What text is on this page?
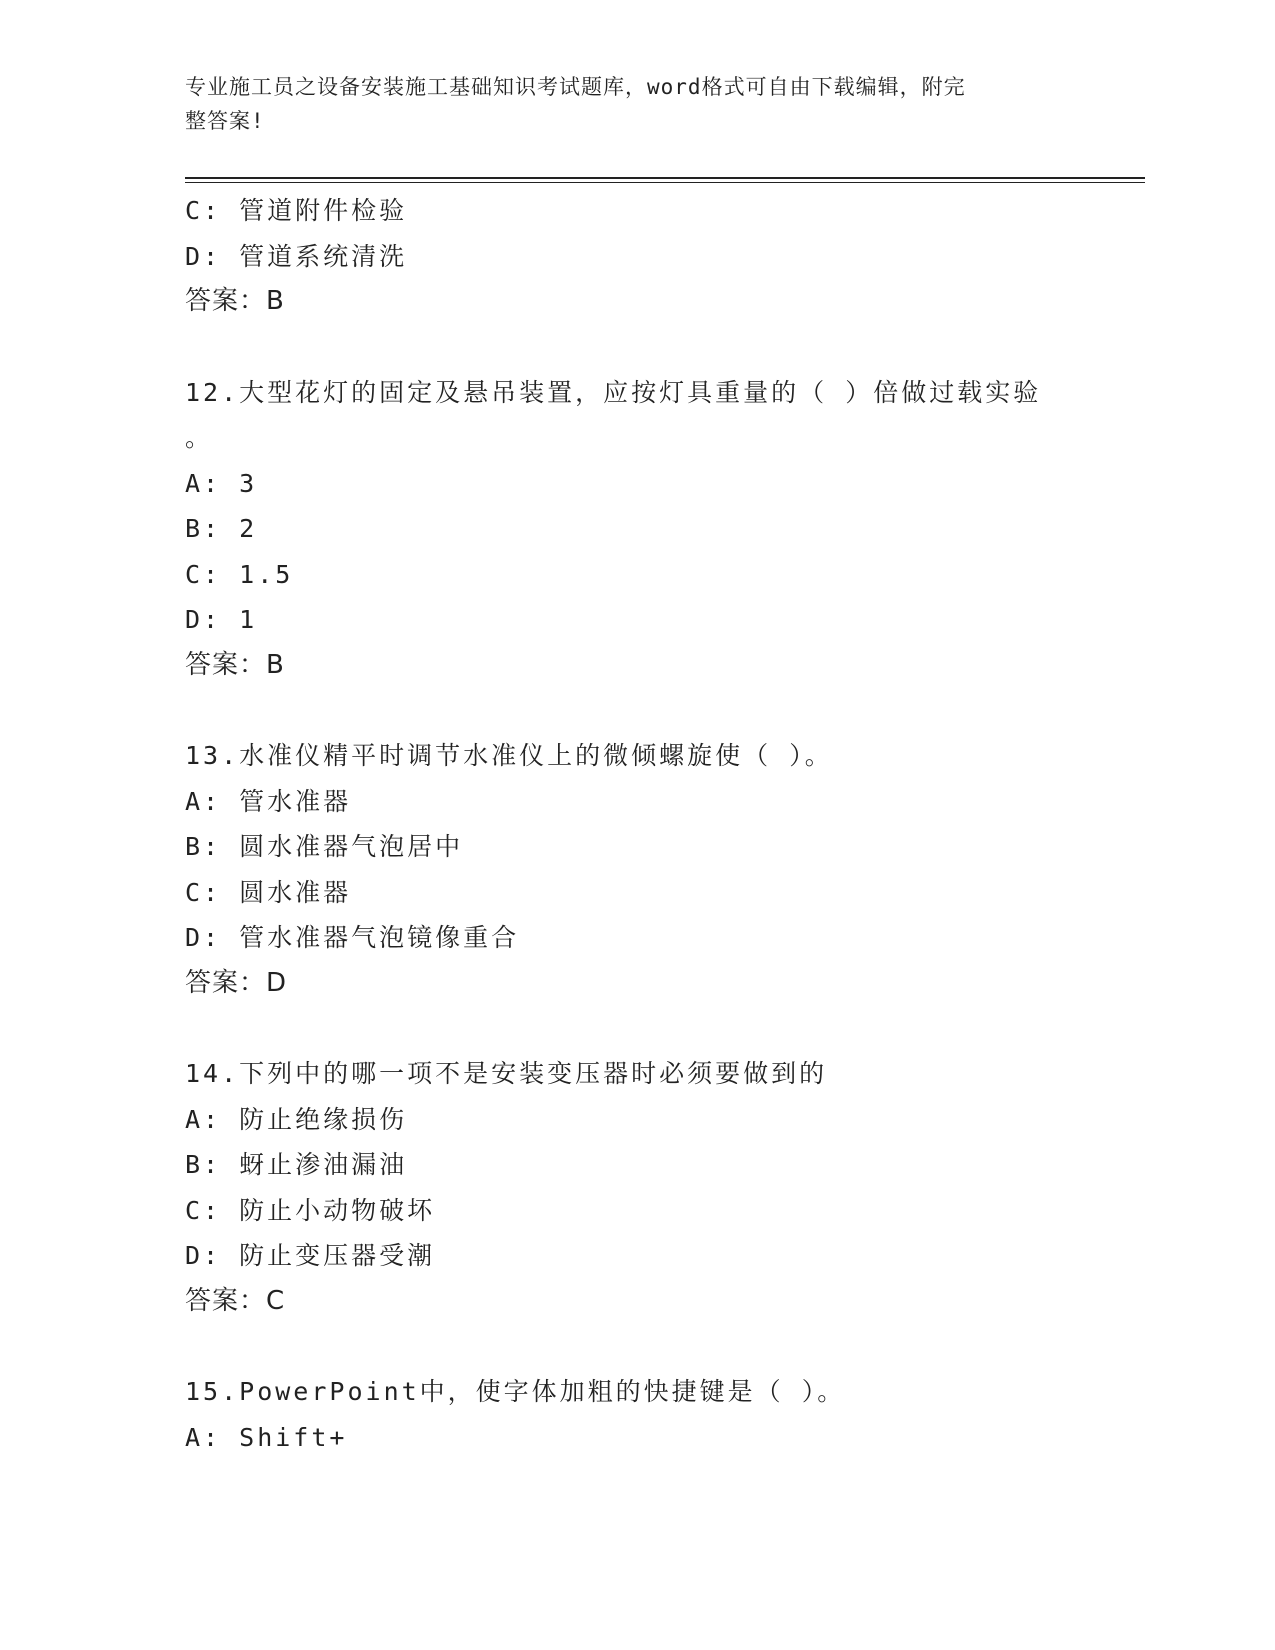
专业施工员之设备安装施工基础知识考试题库，word格式可自由下载编辑，附完
整答案!
C: 管道附件检验
D: 管道系统清洗
答案：B
12.大型花灯的固定及悬吊装置，应按灯具重量的（ ）倍做过载实验
。
A: 3
B: 2
C: 1.5
D: 1
答案：B
13.水准仪精平时调节水准仪上的微倾螺旋使（ ）。
A: 管水准器
B: 圆水准器气泡居中
C: 圆水准器
D: 管水准器气泡镜像重合
答案：D
14.下列中的哪一项不是安装变压器时必须要做到的
A: 防止绝缘损伤
B: 蚜止渗油漏油
C: 防止小动物破坏
D: 防止变压器受潮
答案：C
15.PowerPoint中，使字体加粗的快捷键是（ ）。
A: Shift+
